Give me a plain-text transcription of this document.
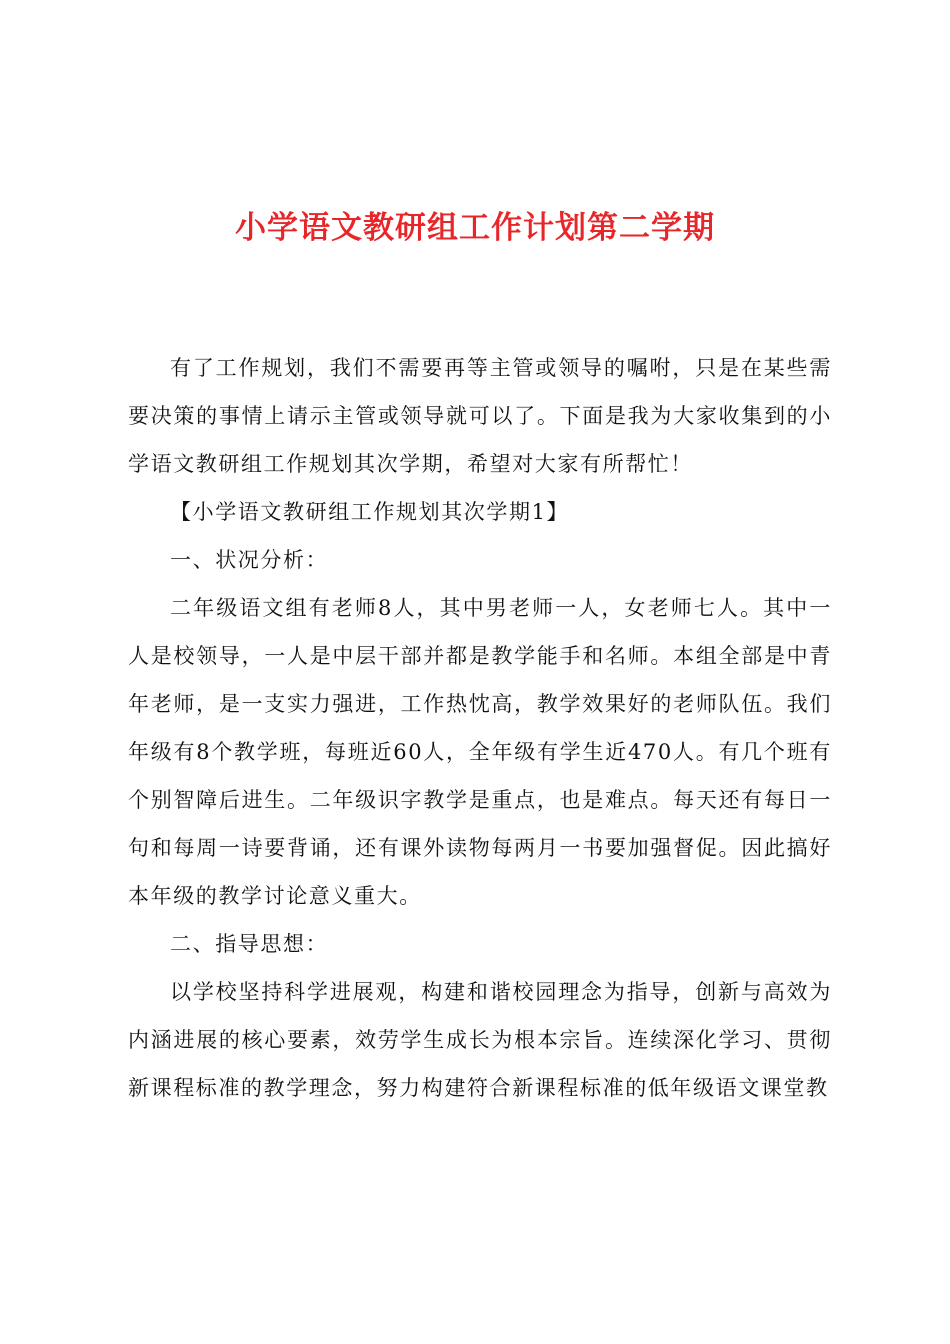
小学语文教研组工作计划第二学期

有了工作规划，我们不需要再等主管或领导的嘱咐，只是在某些需要决策的事情上请示主管或领导就可以了。下面是我为大家收集到的小学语文教研组工作规划其次学期，希望对大家有所帮忙！

【小学语文教研组工作规划其次学期1】

一、状况分析：

二年级语文组有老师8人，其中男老师一人，女老师七人。其中一人是校领导，一人是中层干部并都是教学能手和名师。本组全部是中青年老师，是一支实力强进，工作热忱高，教学效果好的老师队伍。我们年级有8个教学班，每班近60人，全年级有学生近470人。有几个班有个别智障后进生。二年级识字教学是重点，也是难点。每天还有每日一句和每周一诗要背诵，还有课外读物每两月一书要加强督促。因此搞好本年级的教学讨论意义重大。

二、指导思想：

以学校坚持科学进展观，构建和谐校园理念为指导，创新与高效为内涵进展的核心要素，效劳学生成长为根本宗旨。连续深化学习、贯彻新课程标准的教学理念，努力构建符合新课程标准的低年级语文课堂教
